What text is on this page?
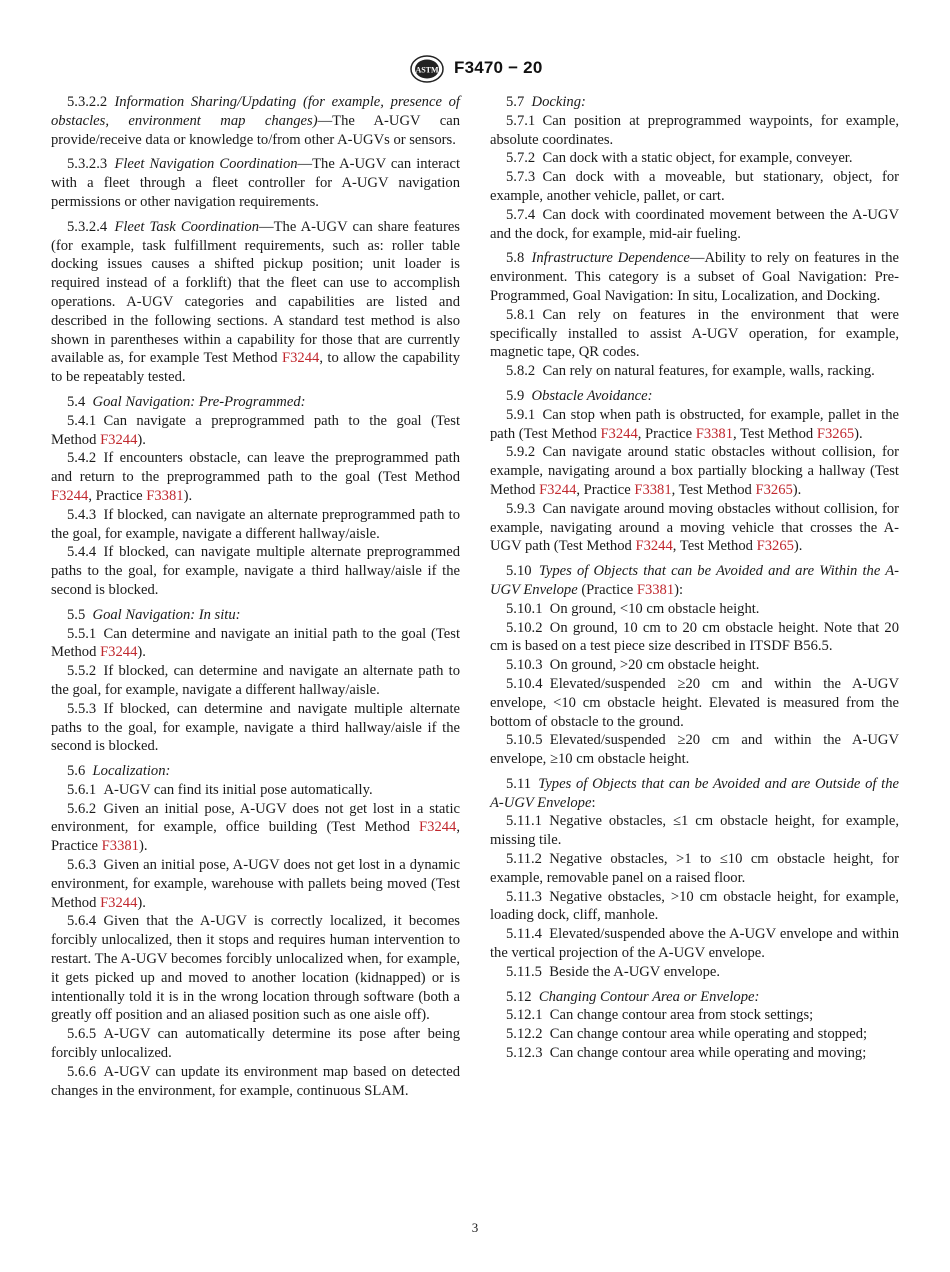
ASTM F3470 − 20

5.3.2.2  Information Sharing/Updating (for example, presence of obstacles, environment map changes)—The A-UGV can provide/receive data or knowledge to/from other A-UGVs or sensors.

5.3.2.3  Fleet Navigation Coordination—The A-UGV can interact with a fleet through a fleet controller for A-UGV navigation permissions or other navigation requirements.

5.3.2.4  Fleet Task Coordination—The A-UGV can share features (for example, task fulfillment requirements, such as: roller table docking issues causes a shifted pickup position; unit loader is required instead of a forklift) that the fleet can use to accomplish operations. A-UGV categories and capabilities are listed and described in the following sections. A standard test method is also shown in parentheses within a capability for those that are currently available as, for example Test Method F3244, to allow the capability to be repeatably tested.

5.4  Goal Navigation: Pre-Programmed:

5.4.1  Can navigate a preprogrammed path to the goal (Test Method F3244).

5.4.2  If encounters obstacle, can leave the preprogrammed path and return to the preprogrammed path to the goal (Test Method F3244, Practice F3381).

5.4.3  If blocked, can navigate an alternate preprogrammed path to the goal, for example, navigate a different hallway/aisle.

5.4.4  If blocked, can navigate multiple alternate preprogrammed paths to the goal, for example, navigate a third hallway/aisle if the second is blocked.

5.5  Goal Navigation: In situ:

5.5.1  Can determine and navigate an initial path to the goal (Test Method F3244).

5.5.2  If blocked, can determine and navigate an alternate path to the goal, for example, navigate a different hallway/aisle.

5.5.3  If blocked, can determine and navigate multiple alternate paths to the goal, for example, navigate a third hallway/aisle if the second is blocked.

5.6  Localization:

5.6.1  A-UGV can find its initial pose automatically.

5.6.2  Given an initial pose, A-UGV does not get lost in a static environment, for example, office building (Test Method F3244, Practice F3381).

5.6.3  Given an initial pose, A-UGV does not get lost in a dynamic environment, for example, warehouse with pallets being moved (Test Method F3244).

5.6.4  Given that the A-UGV is correctly localized, it becomes forcibly unlocalized, then it stops and requires human intervention to restart. The A-UGV becomes forcibly unlocalized when, for example, it gets picked up and moved to another location (kidnapped) or is intentionally told it is in the wrong location through software (both a greatly off position and an aliased position such as one aisle off).

5.6.5  A-UGV can automatically determine its pose after being forcibly unlocalized.

5.6.6  A-UGV can update its environment map based on detected changes in the environment, for example, continuous SLAM.

5.7  Docking:

5.7.1  Can position at preprogrammed waypoints, for example, absolute coordinates.

5.7.2  Can dock with a static object, for example, conveyer.

5.7.3  Can dock with a moveable, but stationary, object, for example, another vehicle, pallet, or cart.

5.7.4  Can dock with coordinated movement between the A-UGV and the dock, for example, mid-air fueling.

5.8  Infrastructure Dependence—Ability to rely on features in the environment. This category is a subset of Goal Navigation: Pre-Programmed, Goal Navigation: In situ, Localization, and Docking.

5.8.1  Can rely on features in the environment that were specifically installed to assist A-UGV operation, for example, magnetic tape, QR codes.

5.8.2  Can rely on natural features, for example, walls, racking.

5.9  Obstacle Avoidance:

5.9.1  Can stop when path is obstructed, for example, pallet in the path (Test Method F3244, Practice F3381, Test Method F3265).

5.9.2  Can navigate around static obstacles without collision, for example, navigating around a box partially blocking a hallway (Test Method F3244, Practice F3381, Test Method F3265).

5.9.3  Can navigate around moving obstacles without collision, for example, navigating around a moving vehicle that crosses the A-UGV path (Test Method F3244, Test Method F3265).

5.10  Types of Objects that can be Avoided and are Within the A-UGV Envelope (Practice F3381):

5.10.1  On ground, <10 cm obstacle height.

5.10.2  On ground, 10 cm to 20 cm obstacle height. Note that 20 cm is based on a test piece size described in ITSDF B56.5.

5.10.3  On ground, >20 cm obstacle height.

5.10.4  Elevated/suspended ≥20 cm and within the A-UGV envelope, <10 cm obstacle height. Elevated is measured from the bottom of obstacle to the ground.

5.10.5  Elevated/suspended ≥20 cm and within the A-UGV envelope, ≥10 cm obstacle height.

5.11  Types of Objects that can be Avoided and are Outside of the A-UGV Envelope:

5.11.1  Negative obstacles, ≤1 cm obstacle height, for example, missing tile.

5.11.2  Negative obstacles, >1 to ≤10 cm obstacle height, for example, removable panel on a raised floor.

5.11.3  Negative obstacles, >10 cm obstacle height, for example, loading dock, cliff, manhole.

5.11.4  Elevated/suspended above the A-UGV envelope and within the vertical projection of the A-UGV envelope.

5.11.5  Beside the A-UGV envelope.

5.12  Changing Contour Area or Envelope:

5.12.1  Can change contour area from stock settings;

5.12.2  Can change contour area while operating and stopped;

5.12.3  Can change contour area while operating and moving;

3
